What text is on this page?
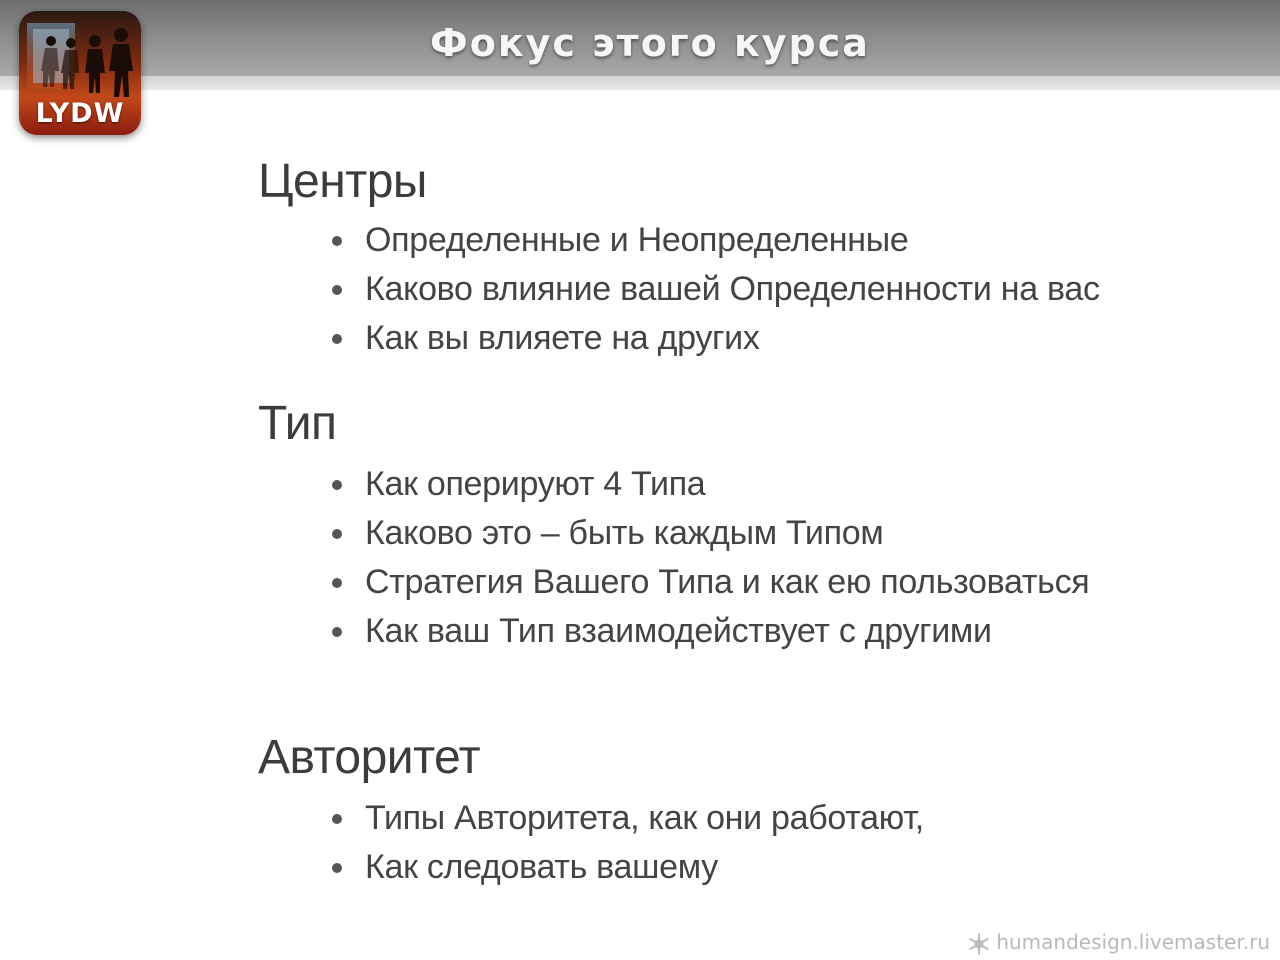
Фокус этого курса
LYDW
Центры
Определенные и Неопределенные
Каково влияние вашей Определенности на вас
Как вы влияете на других
Тип
Как оперируют 4 Типа
Каково это – быть каждым Типом
Стратегия Вашего Типа и как ею пользоваться
Как ваш Тип взаимодействует с другими
Авторитет
Типы Авторитета, как они работают,
Как следовать вашему
humandesign.livemaster.ru
